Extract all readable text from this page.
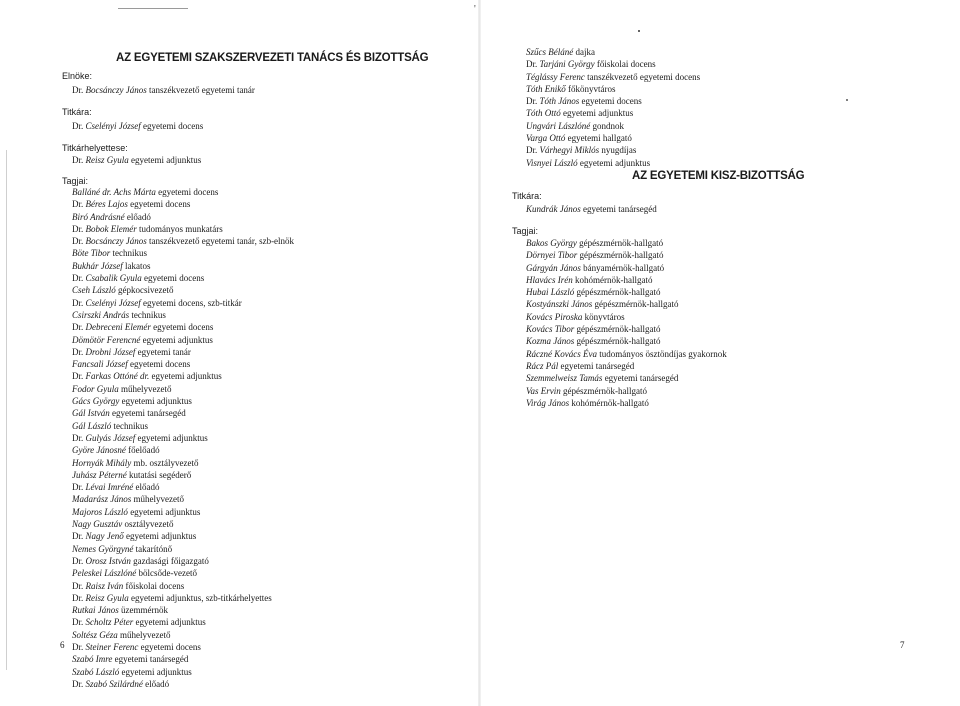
AZ EGYETEMI SZAKSZERVEZETI TANÁCS ÉS BIZOTTSÁG
Elnöke:
Dr. Bocsánczy János tanszékvezető egyetemi tanár
Titkára:
Dr. Cselényi József egyetemi docens
Titkárhelyettese:
Dr. Reisz Gyula egyetemi adjunktus
Tagjai:
Balláné dr. Achs Márta egyetemi docens
Dr. Béres Lajos egyetemi docens
Biró Andrásné előadó
Dr. Bobok Elemér tudományos munkatárs
Dr. Bocsánczy János tanszékvezető egyetemi tanár, szb-elnök
Böte Tibor technikus
Bukhár József lakatos
Dr. Csabalik Gyula egyetemi docens
Cseh László gépkocsivezető
Dr. Cselényi József egyetemi docens, szb-titkár
Csirszki András technikus
Dr. Debreceni Elemér egyetemi docens
Dömötör Ferencné egyetemi adjunktus
Dr. Drobni József egyetemi tanár
Fancsali József egyetemi docens
Dr. Farkas Ottóné dr. egyetemi adjunktus
Fodor Gyula műhelyvezető
Gács György egyetemi adjunktus
Gál István egyetemi tanársegéd
Gál László technikus
Dr. Gulyás József egyetemi adjunktus
Györe Jánosné főelőadó
Hornyák Mihály mb. osztályvezető
Juhász Péterné kutatási segéderő
Dr. Lévai Imréné előadó
Madarász János műhelyvezető
Majoros László egyetemi adjunktus
Nagy Gusztáv osztályvezető
Dr. Nagy Jenő egyetemi adjunktus
Nemes Györgyné takarítónő
Dr. Orosz István gazdasági főigazgató
Peleskei Lászlóné bölcsőde-vezető
Dr. Raisz Iván főiskolai docens
Dr. Reisz Gyula egyetemi adjunktus, szb-titkárhelyettes
Rutkai János üzemmérnök
Dr. Scholtz Péter egyetemi adjunktus
Soltész Géza műhelyvezető
Dr. Steiner Ferenc egyetemi docens
Szabó Imre egyetemi tanársegéd
Szabó László egyetemi adjunktus
Dr. Szabó Szilárdné előadó
6
'
Szűcs Béláné dajka
Dr. Tarjáni György főiskolai docens
Téglássy Ferenc tanszékvezető egyetemi docens
Tóth Enikő főkönyvtáros
Dr. Tóth János egyetemi docens
Tóth Ottó egyetemi adjunktus
Ungvári Lászlóné gondnok
Varga Ottó egyetemi hallgató
Dr. Várhegyi Miklós nyugdíjas
Visnyei László egyetemi adjunktus
AZ EGYETEMI KISZ-BIZOTTSÁG
Titkára:
Kundrák János egyetemi tanársegéd
Tagjai:
Bakos György gépészmérnök-hallgató
Dörnyei Tibor gépészmérnök-hallgató
Gárgyán János bányamérnök-hallgató
Hlavács Irén kohómérnök-hallgató
Hubai László gépészmérnök-hallgató
Kostyánszki János gépészmérnök-hallgató
Kovács Piroska könyvtáros
Kovács Tibor gépészmérnök-hallgató
Kozma János gépészmérnök-hallgató
Ráczné Kovács Éva tudományos ösztöndíjas gyakornok
Rácz Pál egyetemi tanársegéd
Szemmelweisz Tamás egyetemi tanársegéd
Vas Ervin gépészmérnök-hallgató
Virág János kohómérnök-hallgató
7
